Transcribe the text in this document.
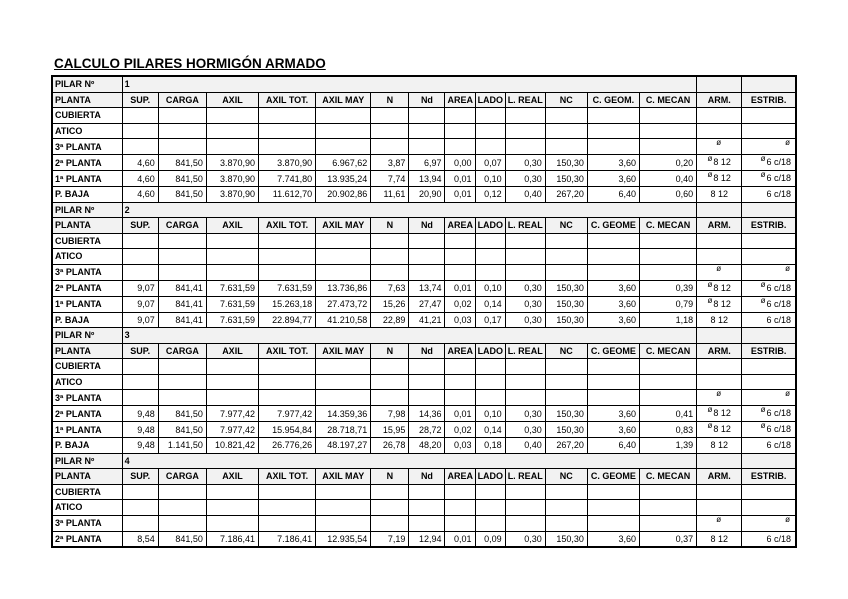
CALCULO PILARES HORMIGÓN ARMADO
PILAR Nº	1														
PLANTA	SUP.	CARGA	AXIL	AXIL TOT.	AXIL MAY	N	Nd	AREA	LADO	L. REAL	NC	C. GEOM.	C. MECAN	ARM.	ESTRIB.
CUBIERTA															
ATICO															
3ª PLANTA														ø	ø
2ª PLANTA	4,60	841,50	3.870,90	3.870,90	6.967,62	3,87	6,97	0,00	0,07	0,30	150,30	3,60	0,20	ø8 12	ø6 c/18
1ª PLANTA	4,60	841,50	3.870,90	7.741,80	13.935,24	7,74	13,94	0,01	0,10	0,30	150,30	3,60	0,40	ø8 12	ø6 c/18
P. BAJA	4,60	841,50	3.870,90	11.612,70	20.902,86	11,61	20,90	0,01	0,12	0,40	267,20	6,40	0,60	8 12	6 c/18
PILAR Nº	2														
PLANTA	SUP.	CARGA	AXIL	AXIL TOT.	AXIL MAY	N	Nd	AREA	LADO	L. REAL	NC	C. GEOME	C. MECAN	ARM.	ESTRIB.
CUBIERTA															
ATICO															
3ª PLANTA														ø	ø
2ª PLANTA	9,07	841,41	7.631,59	7.631,59	13.736,86	7,63	13,74	0,01	0,10	0,30	150,30	3,60	0,39	ø8 12	ø6 c/18
1ª PLANTA	9,07	841,41	7.631,59	15.263,18	27.473,72	15,26	27,47	0,02	0,14	0,30	150,30	3,60	0,79	ø8 12	ø6 c/18
P. BAJA	9,07	841,41	7.631,59	22.894,77	41.210,58	22,89	41,21	0,03	0,17	0,30	150,30	3,60	1,18	8 12	6 c/18
PILAR Nº	3														
PLANTA	SUP.	CARGA	AXIL	AXIL TOT.	AXIL MAY	N	Nd	AREA	LADO	L. REAL	NC	C. GEOME	C. MECAN	ARM.	ESTRIB.
CUBIERTA															
ATICO															
3ª PLANTA														ø	ø
2ª PLANTA	9,48	841,50	7.977,42	7.977,42	14.359,36	7,98	14,36	0,01	0,10	0,30	150,30	3,60	0,41	ø8 12	ø6 c/18
1ª PLANTA	9,48	841,50	7.977,42	15.954,84	28.718,71	15,95	28,72	0,02	0,14	0,30	150,30	3,60	0,83	ø8 12	ø6 c/18
P. BAJA	9,48	1.141,50	10.821,42	26.776,26	48.197,27	26,78	48,20	0,03	0,18	0,40	267,20	6,40	1,39	8 12	6 c/18
PILAR Nº	4														
PLANTA	SUP.	CARGA	AXIL	AXIL TOT.	AXIL MAY	N	Nd	AREA	LADO	L. REAL	NC	C. GEOME	C. MECAN	ARM.	ESTRIB.
CUBIERTA															
ATICO															
3ª PLANTA														ø	ø
2ª PLANTA	8,54	841,50	7.186,41	7.186,41	12.935,54	7,19	12,94	0,01	0,09	0,30	150,30	3,60	0,37	8 12	6 c/18
